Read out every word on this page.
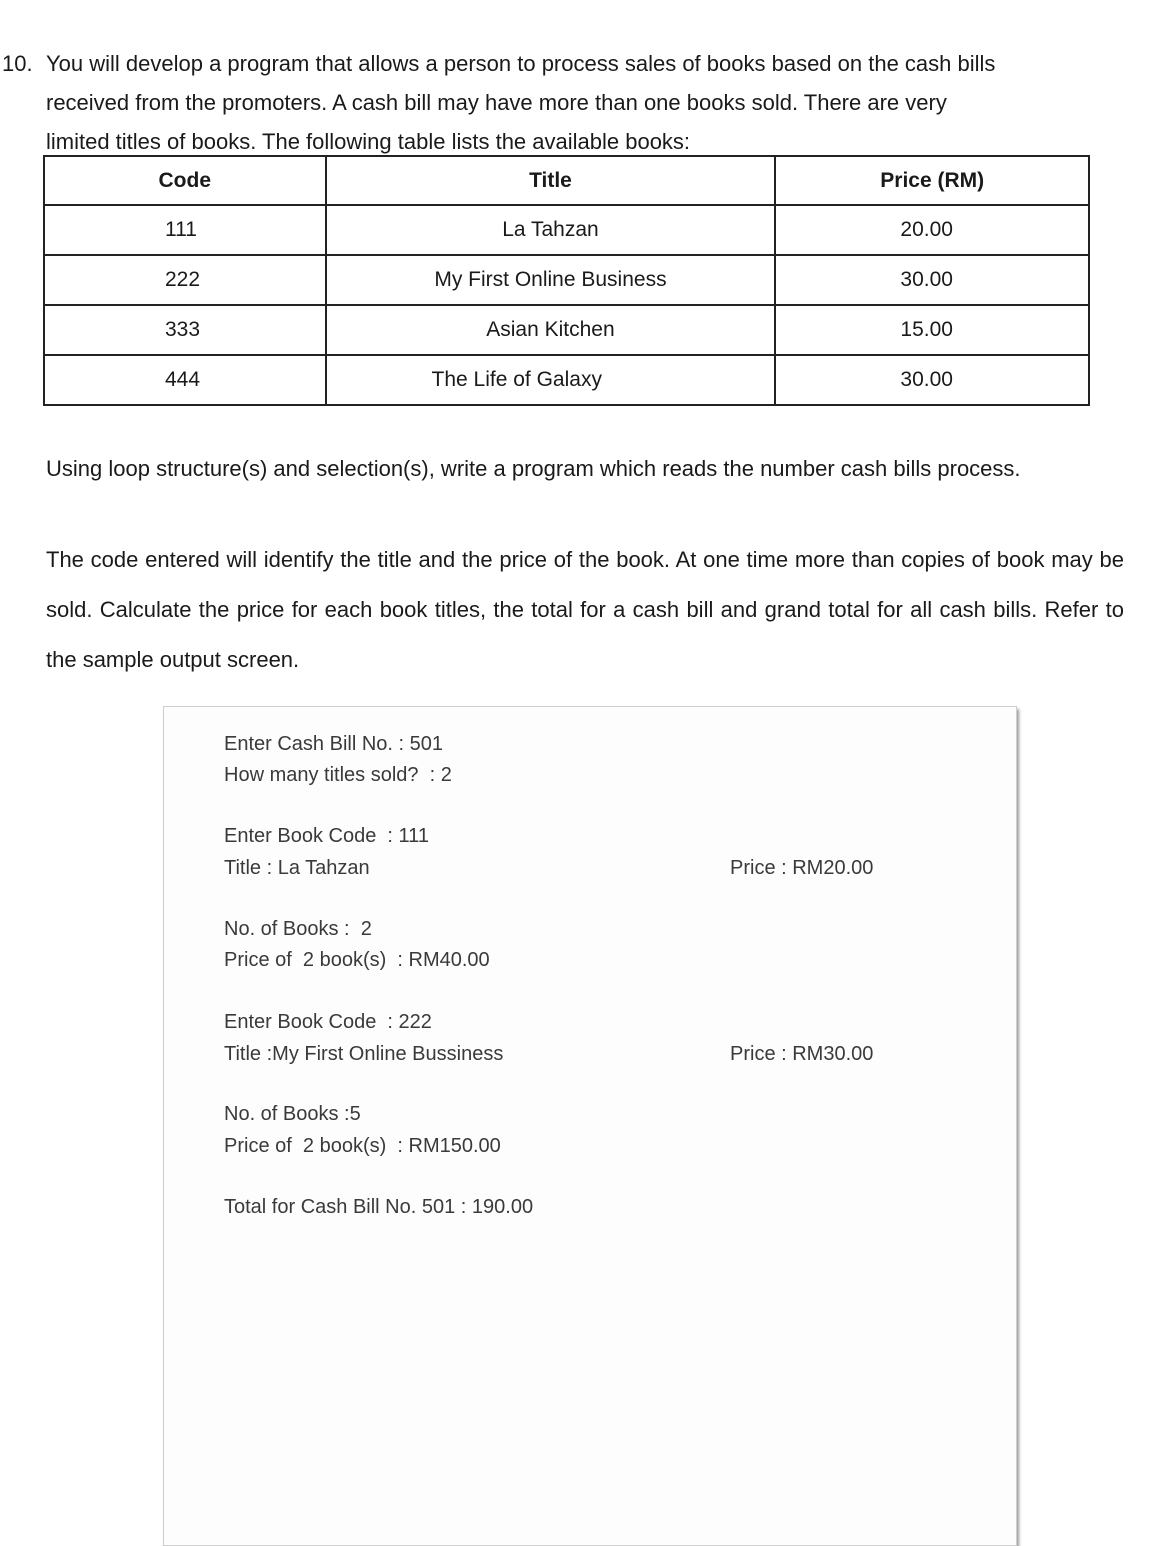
10. You will develop a program that allows a person to process sales of books based on the cash bills

received from the promoters. A cash bill may have more than one books sold. There are very

limited titles of books. The following table lists the available books:

Code	Title	Price (RM)
111	La Tahzan	20.00
222	My First Online Business	30.00
333	Asian Kitchen	15.00
444	The Life of Galaxy	30.00

Using loop structure(s) and selection(s), write a program which reads the number cash bills process.

The code entered will identify the title and the price of the book. At one time more than copies of book may be sold. Calculate the price for each book titles, the total for a cash bill and grand total for all cash bills. Refer to the sample output screen.

Enter Cash Bill No. : 501
How many titles sold?  : 2
Enter Book Code  : 111
Title : La Tahzan	Price : RM20.00
No. of Books :  2
Price of  2 book(s)  : RM40.00
Enter Book Code  : 222
Title :My First Online Bussiness	Price : RM30.00
No. of Books :5
Price of  2 book(s)  : RM150.00
Total for Cash Bill No. 501 : 190.00
